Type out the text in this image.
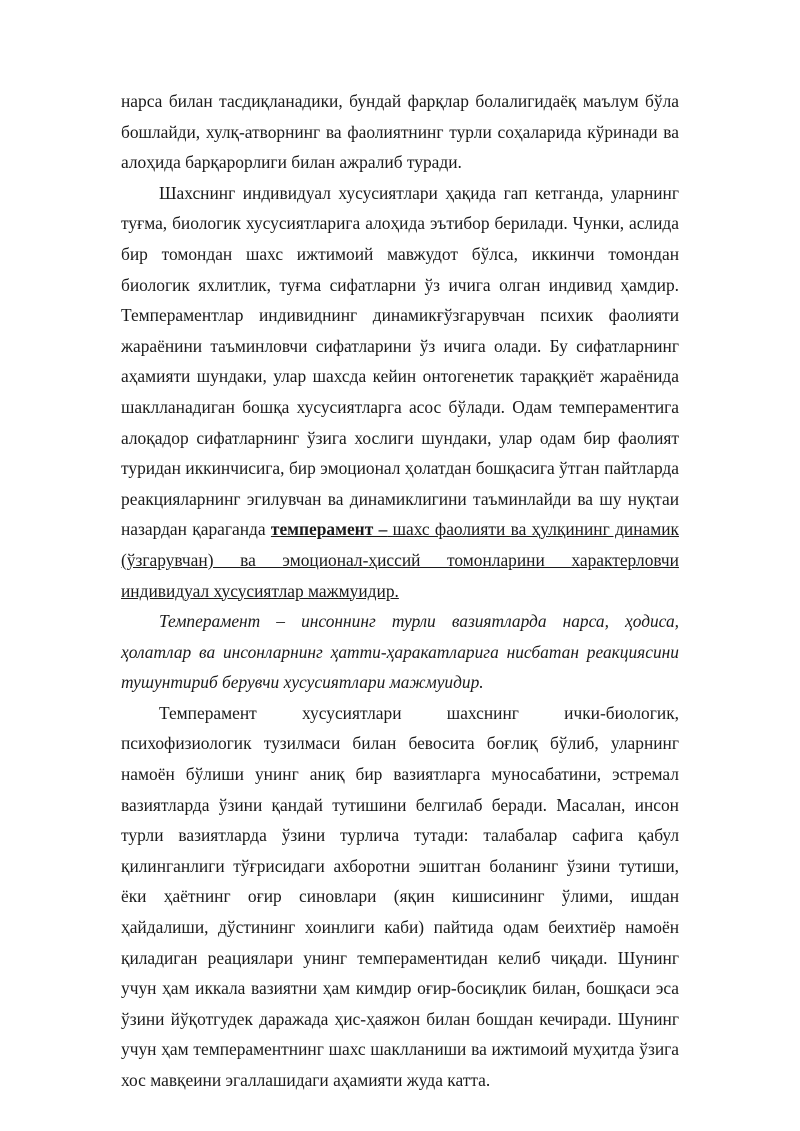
нарса билан тасдиқланадики, бундай фарқлар болалигидаёқ маълум бўла бошлайди, хулқ-атворнинг ва фаолиятнинг турли соҳаларида кўринади ва алоҳида барқарорлиги билан ажралиб туради.

Шахснинг индивидуал хусусиятлари ҳақида гап кетганда, уларнинг туғма, биологик хусусиятларига алоҳида эътибор берилади. Чунки, аслида бир томондан шахс ижтимоий мавжудот бўлса, иккинчи томондан биологик яхлитлик, туғма сифатларни ўз ичига олган индивид ҳамдир. Темпераментлар индивиднинг динамикғўзгарувчан психик фаолияти жараёнини таъминловчи сифатларини ўз ичига олади. Бу сифатларнинг аҳамияти шундаки, улар шахсда кейин онтогенетик тараққиёт жараёнида шаклланадиган бошқа хусусиятларга асос бўлади. Одам темпераментига алоқадор сифатларнинг ўзига хослиги шундаки, улар одам бир фаолият туридан иккинчисига, бир эмоционал ҳолатдан бошқасига ўтган пайтларда реакцияларнинг эгилувчан ва динамиклигини таъминлайди ва шу нуқтаи назардан қараганда темперамент – шахс фаолияти ва ҳулқининг динамик (ўзгарувчан) ва эмоционал-ҳиссий томонларини характерловчи индивидуал хусусиятлар мажмуидир.

Темперамент – инсоннинг турли вазиятларда нарса, ҳодиса, ҳолатлар ва инсонларнинг ҳатти-ҳаракатларига нисбатан реакциясини тушунтириб берувчи хусусиятлари мажмуидир.

Темперамент хусусиятлари шахснинг ички-биологик, психофизиологик тузилмаси билан бевосита боғлиқ бўлиб, уларнинг намоён бўлиши унинг аниқ бир вазиятларга муносабатини, эстремал вазиятларда ўзини қандай тутишини белгилаб беради. Масалан, инсон турли вазиятларда ўзини турлича тутади: талабалар сафига қабул қилинганлиги тўғрисидаги ахборотни эшитган боланинг ўзини тутиши, ёки ҳаётнинг оғир синовлари (яқин кишисининг ўлими, ишдан ҳайдалиши, дўстининг хоинлиги каби) пайтида одам беихтиёр намоён қиладиган реациялари унинг темпераментидан келиб чиқади. Шунинг учун ҳам иккала вазиятни ҳам кимдир оғир-босиқлик билан, бошқаси эса ўзини йўқотгудек даражада ҳис-ҳаяжон билан бошдан кечиради. Шунинг учун ҳам темпераментнинг шахс шаклланиши ва ижтимоий муҳитда ўзига хос мавқеини эгаллашидаги аҳамияти жуда катта.
